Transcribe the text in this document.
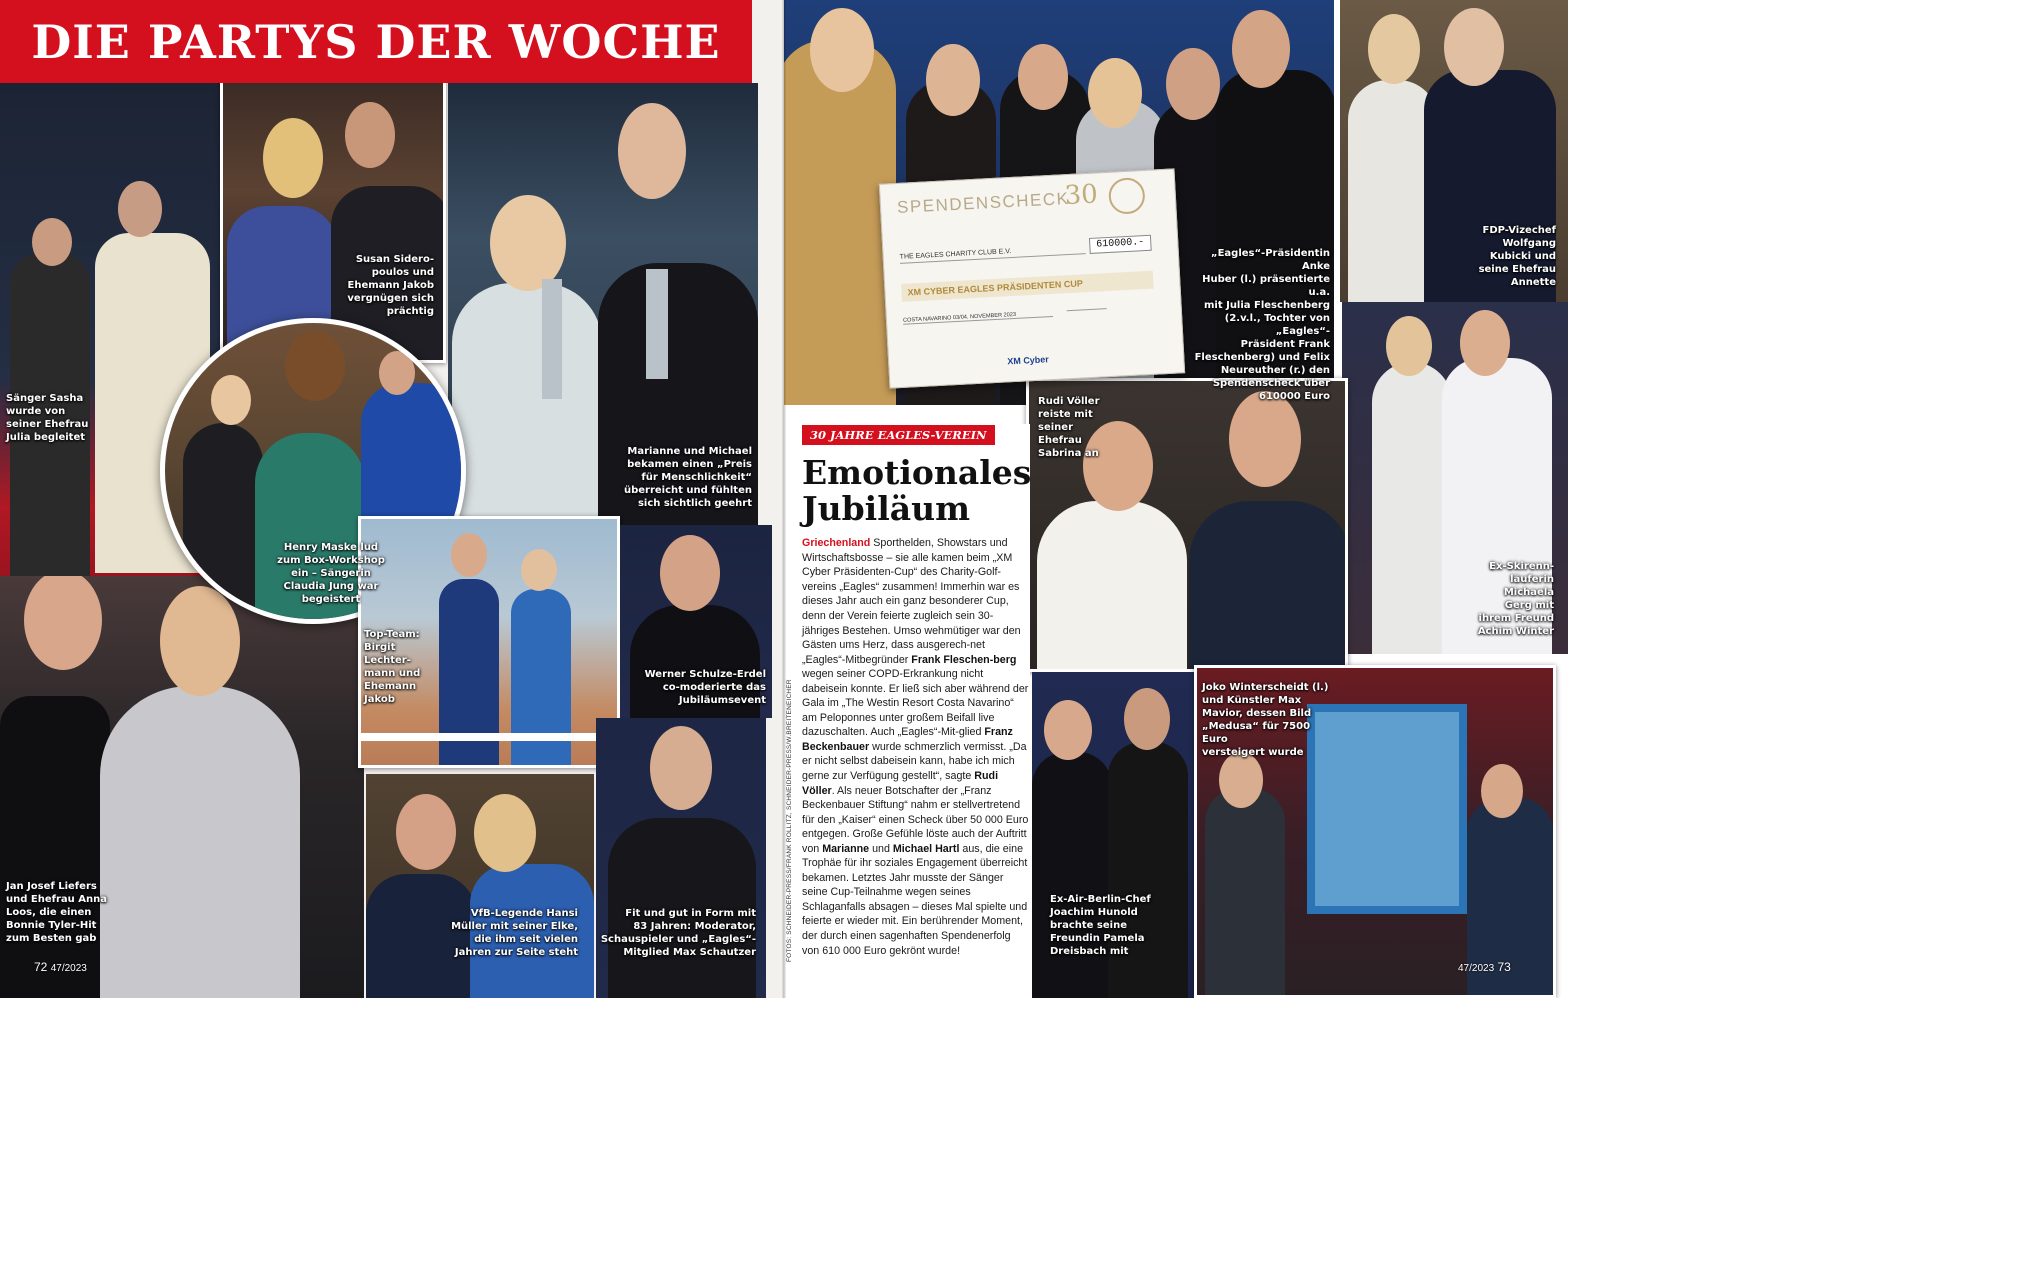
Sänger Sasha
wurde von
seiner Ehefrau
Julia begleitet
Susan Sidero-
poulos und
Ehemann Jakob
vergnügen sich
prächtig
Marianne und Michael
bekamen einen „Preis
für Menschlichkeit“
überreicht und fühlten
sich sichtlich geehrt
Jan Josef Liefers
und Ehefrau Anna
Loos, die einen
Bonnie Tyler-Hit
zum Besten gab
Henry Maske lud
zum Box-Workshop
ein – Sängerin
Claudia Jung war
begeistert
Top-Team:
Birgit
Lechter-
mann und
Ehemann
Jakob
Werner Schulze-Erdel
co-moderierte das
Jubiläumsevent
VfB-Legende Hansi
Müller mit seiner Elke,
die ihm seit vielen
Jahren zur Seite steht
Fit und gut in Form mit
83 Jahren: Moderator,
Schauspieler und „Eagles“-
Mitglied Max Schautzer
DIE PARTYS DER WOCHE
72 47/2023
SPENDENSCHECK
30
THE EAGLES CHARITY CLUB E.V.
610000.-
XM CYBER EAGLES PRÄSIDENTEN CUP
COSTA NAVARINO 03/04. NOVEMBER 2023
XM Cyber
„Eagles“-Präsidentin Anke
Huber (l.) präsentierte u.a.
mit Julia Fleschenberg
(2.v.l., Tochter von „Eagles“-
Präsident Frank
Fleschenberg) und Felix
Neureuther (r.) den
Spendenscheck über
610000 Euro
FDP-Vizechef
Wolfgang
Kubicki und
seine Ehefrau
Annette
Ex-Skirenn-
läuferin
Michaela
Gerg mit
ihrem Freund
Achim Winter
Rudi Völler
reiste mit
seiner
Ehefrau
Sabrina an
Ex-Air-Berlin-Chef
Joachim Hunold
brachte seine
Freundin Pamela
Dreisbach mit
Joko Winterscheidt (l.)
und Künstler Max
Mavior, dessen Bild
„Medusa“ für 7500 Euro
versteigert wurde
FOTOS: SCHNEIDER-PRESS/FRANK ROLLITZ, SCHNEIDER-PRESS/W.BREITENEICHER
30 JAHRE EAGLES-VEREIN
Emotionales
Jubiläum
Griechenland Sporthelden, Showstars und Wirtschaftsbosse – sie alle kamen beim „XM Cyber Präsidenten-Cup“ des Charity-Golf-vereins „Eagles“ zusammen! Immerhin war es dieses Jahr auch ein ganz besonderer Cup, denn der Verein feierte zugleich sein 30-jähriges Bestehen. Umso wehmütiger war den Gästen ums Herz, dass ausgerech-net „Eagles“-Mitbegründer Frank Fleschen-berg wegen seiner COPD-Erkrankung nicht dabeisein konnte. Er ließ sich aber während der Gala im „The Westin Resort Costa Navarino“ am Peloponnes unter großem Beifall live dazuschalten. Auch „Eagles“-Mit-glied Franz Beckenbauer wurde schmerzlich vermisst. „Da er nicht selbst dabeisein kann, habe ich mich gerne zur Verfügung gestellt“, sagte Rudi Völler. Als neuer Botschafter der „Franz Beckenbauer Stiftung“ nahm er stellvertretend für den „Kaiser“ einen Scheck über 50 000 Euro entgegen. Große Gefühle löste auch der Auftritt von Marianne und Michael Hartl aus, die eine Trophäe für ihr soziales Engagement überreicht bekamen. Letztes Jahr musste der Sänger seine Cup-Teilnahme wegen seines Schlaganfalls absagen – dieses Mal spielte und feierte er wieder mit. Ein berührender Moment, der durch einen sagenhaften Spendenerfolg von 610 000 Euro gekrönt wurde!
47/2023 73
